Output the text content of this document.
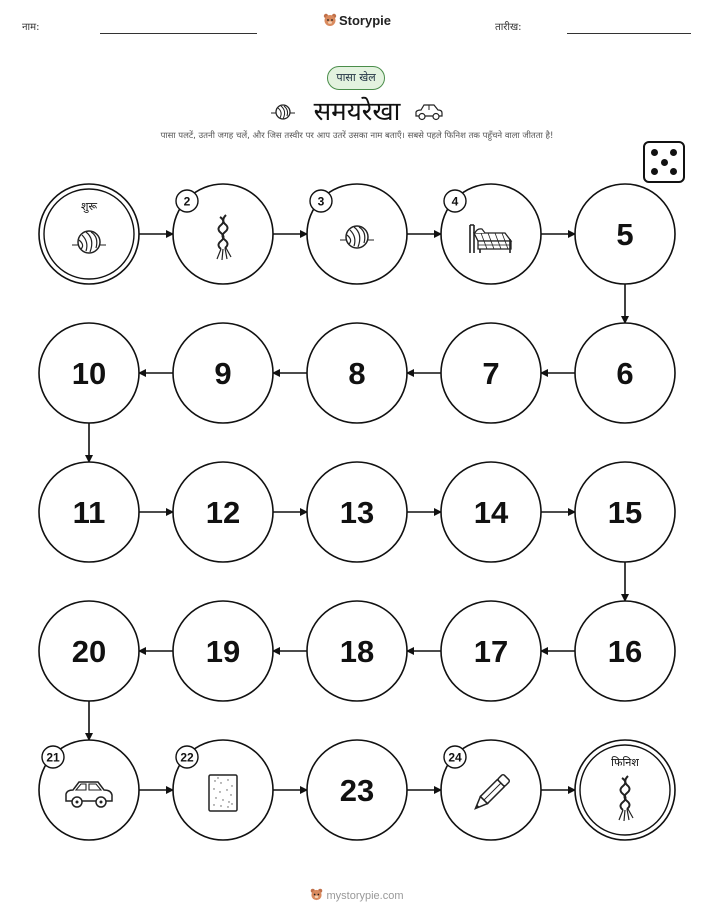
नाम:	Storypie	तारीख:
पासा खेल
समयरेखा
पासा पलटें, उतनी जगह चलें, और जिस तस्वीर पर आप उतरें उसका नाम बताएँ। सबसे पहले फिनिश तक पहुँचने वाला जीतता है!
शुरू	2	3	4
5
6
7
8
9
10
11	12	13	14	15
16
17
18
19
20
21	22
23
24	फिनिश
mystorypie.com
